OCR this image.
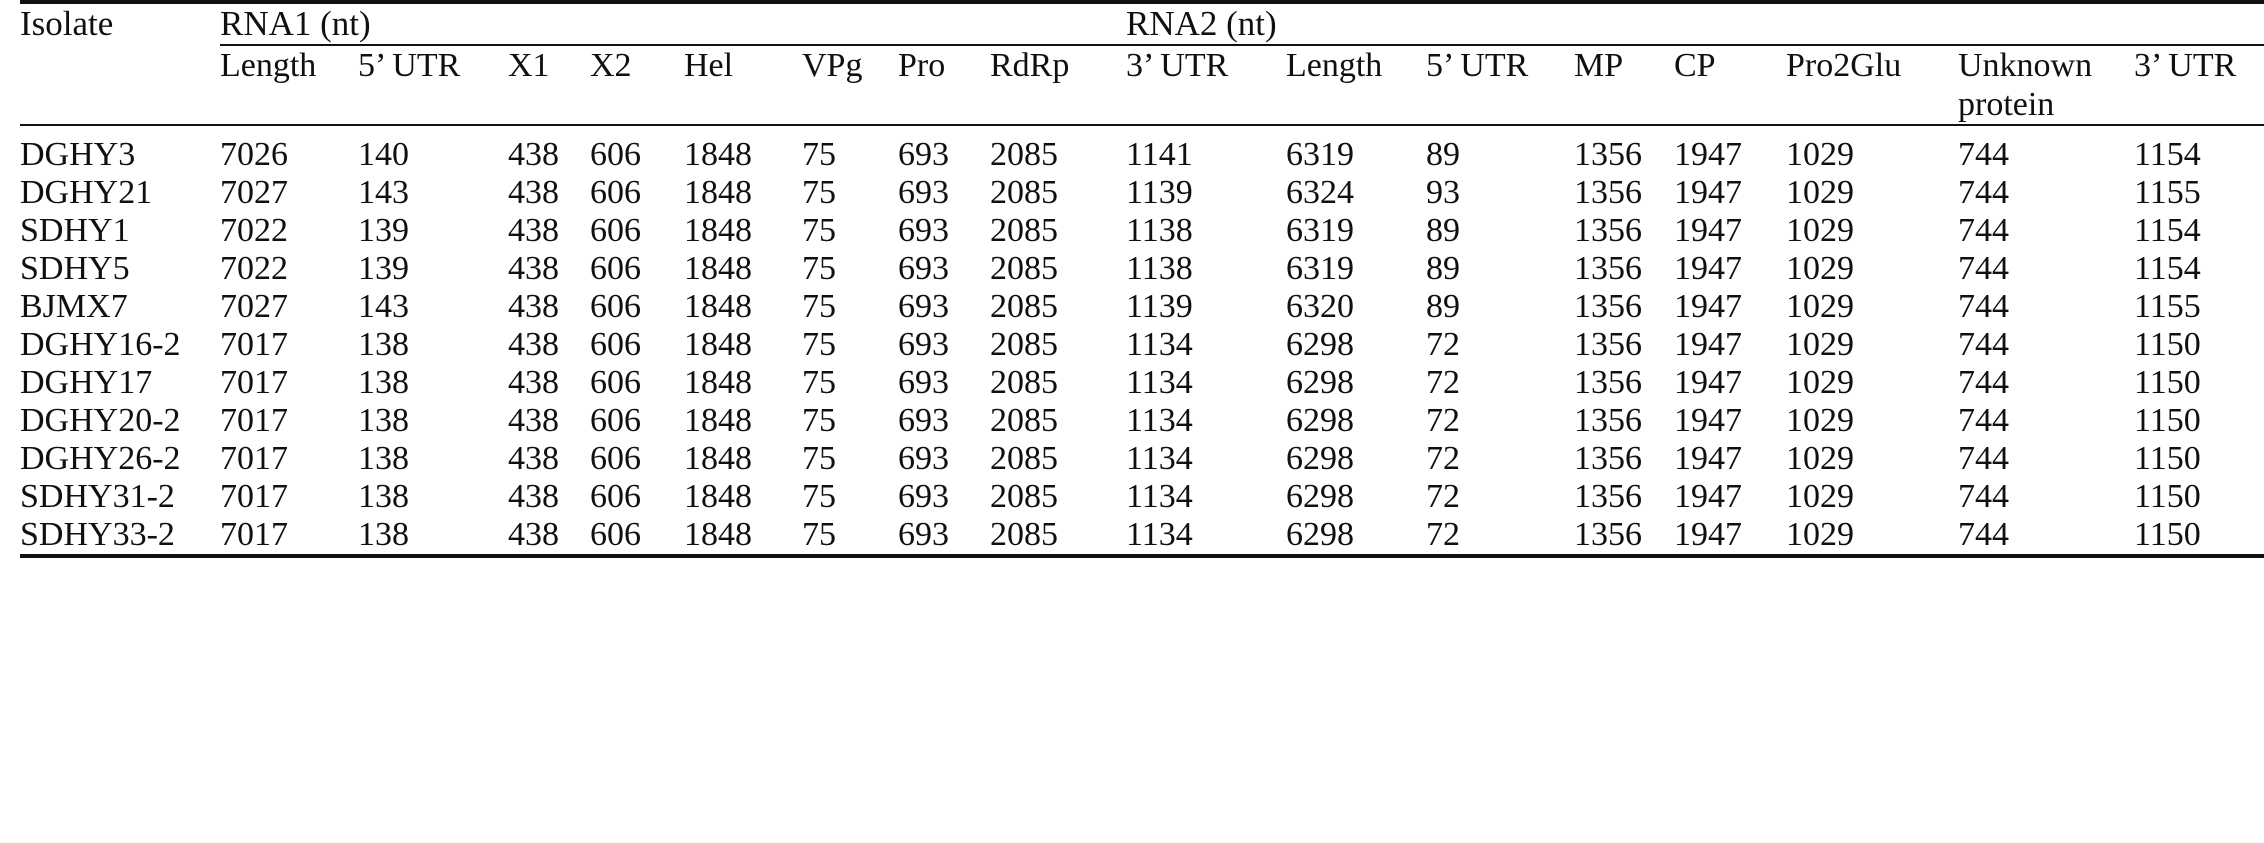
Isolate	RNA1 (nt)								RNA2 (nt)							

	Length	5’ UTR	X1	X2	Hel	VPg	Pro	RdRp	3’ UTR	Length	5’ UTR	MP	CP	Pro2Glu	Unknown protein	3’ UTR

DGHY3	7026	140	438	606	1848	75	693	2085	1141	6319	89	1356	1947	1029	744	1154
DGHY21	7027	143	438	606	1848	75	693	2085	1139	6324	93	1356	1947	1029	744	1155
SDHY1	7022	139	438	606	1848	75	693	2085	1138	6319	89	1356	1947	1029	744	1154
SDHY5	7022	139	438	606	1848	75	693	2085	1138	6319	89	1356	1947	1029	744	1154
BJMX7	7027	143	438	606	1848	75	693	2085	1139	6320	89	1356	1947	1029	744	1155
DGHY16-2	7017	138	438	606	1848	75	693	2085	1134	6298	72	1356	1947	1029	744	1150
DGHY17	7017	138	438	606	1848	75	693	2085	1134	6298	72	1356	1947	1029	744	1150
DGHY20-2	7017	138	438	606	1848	75	693	2085	1134	6298	72	1356	1947	1029	744	1150
DGHY26-2	7017	138	438	606	1848	75	693	2085	1134	6298	72	1356	1947	1029	744	1150
SDHY31-2	7017	138	438	606	1848	75	693	2085	1134	6298	72	1356	1947	1029	744	1150
SDHY33-2	7017	138	438	606	1848	75	693	2085	1134	6298	72	1356	1947	1029	744	1150
